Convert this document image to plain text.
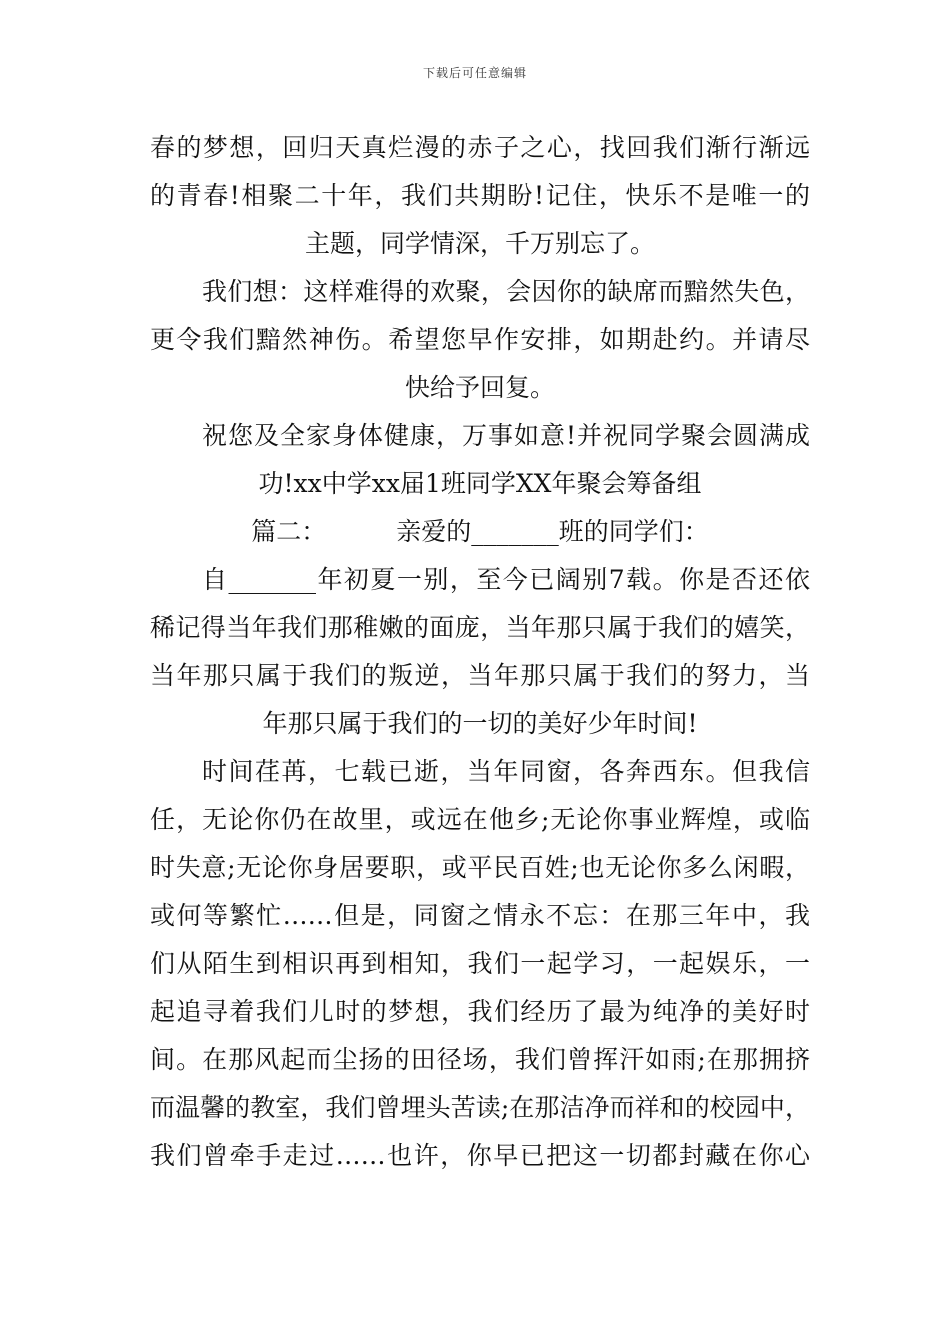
下载后可任意编辑
春的梦想，回归天真烂漫的赤子之心，找回我们渐行渐远
的青春!相聚二十年，我们共期盼!记住，快乐不是唯一的
主题，同学情深，千万别忘了。
我们想：这样难得的欢聚，会因你的缺席而黯然失色，
更令我们黯然神伤。希望您早作安排，如期赴约。并请尽
快给予回复。
祝您及全家身体健康，万事如意!并祝同学聚会圆满成
功!xx中学xx届1班同学XX年聚会筹备组
篇二：	亲爱的_______班的同学们：
自_______年初夏一别，至今已阔别7载。你是否还依
稀记得当年我们那稚嫩的面庞，当年那只属于我们的嬉笑，
当年那只属于我们的叛逆，当年那只属于我们的努力，当
年那只属于我们的一切的美好少年时间!
时间荏苒，七载已逝，当年同窗，各奔西东。但我信
任，无论你仍在故里，或远在他乡;无论你事业辉煌，或临
时失意;无论你身居要职，或平民百姓;也无论你多么闲暇，
或何等繁忙……但是，同窗之情永不忘：在那三年中，我
们从陌生到相识再到相知，我们一起学习，一起娱乐，一
起追寻着我们儿时的梦想，我们经历了最为纯净的美好时
间。在那风起而尘扬的田径场，我们曾挥汗如雨;在那拥挤
而温馨的教室，我们曾埋头苦读;在那洁净而祥和的校园中，
我们曾牵手走过……也许，你早已把这一切都封藏在你心
